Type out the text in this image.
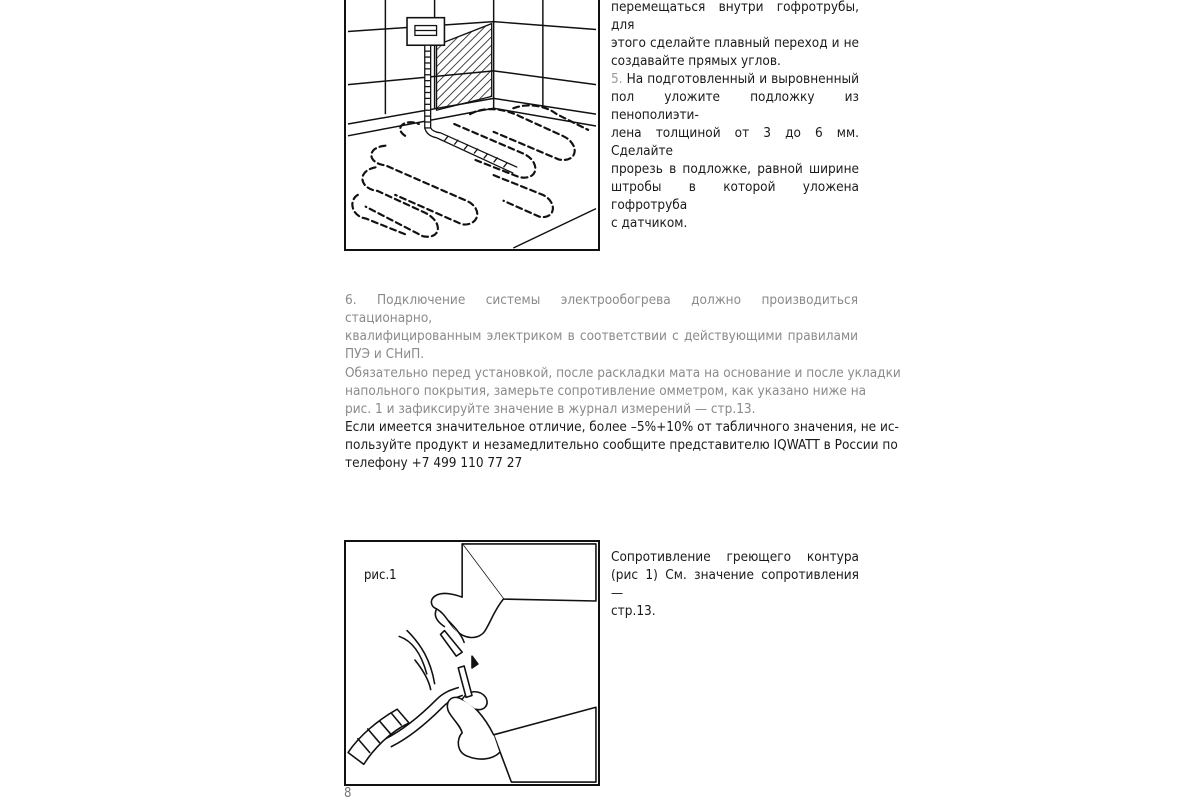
перемещаться внутри гофротрубы, для
этого сделайте плавный переход и не
создавайте прямых углов.
5. На подготовленный и выровненный
пол уложите подложку из пенополиэти-
лена толщиной от 3 до 6 мм. Сделайте
прорезь в подложке, равной ширине
штробы в которой уложена гофротруба
с датчиком.
6. Подключение системы электрообогрева должно производиться стационарно,
квалифицированным электриком в соответствии с действующими правилами
ПУЭ и СНиП.
Обязательно перед установкой, после раскладки мата на основание и после укладки
напольного покрытия, замерьте сопротивление омметром, как указано ниже на
рис. 1 и зафиксируйте значение в журнал измерений — стр.13.
Если имеется значительное отличие, более –5%+10% от табличного значения, не ис-
пользуйте продукт и незамедлительно сообщите представителю IQWATT в России по
телефону +7 499 110 77 27
рис.1
Сопротивление греющего контура
(рис 1) См. значение сопротивления —
стр.13.
8
